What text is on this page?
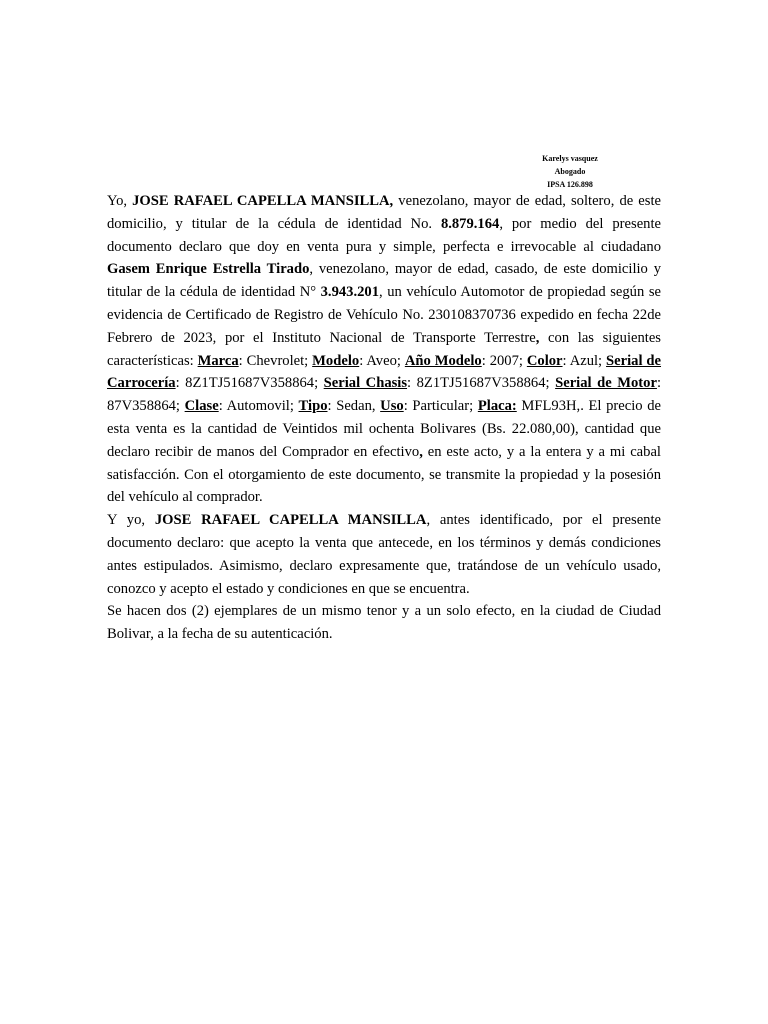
Karelys vasquez
Abogado
IPSA 126.898

Yo, JOSE RAFAEL CAPELLA MANSILLA, venezolano, mayor de edad, soltero, de este domicilio, y titular de la cédula de identidad No. 8.879.164, por medio del presente documento declaro que doy en venta pura y simple, perfecta e irrevocable al ciudadano Gasem Enrique Estrella Tirado, venezolano, mayor de edad, casado, de este domicilio y titular de la cédula de identidad N° 3.943.201, un vehículo Automotor de propiedad según se evidencia de Certificado de Registro de Vehículo No. 230108370736 expedido en fecha 22de Febrero de 2023, por el Instituto Nacional de Transporte Terrestre, con las siguientes características: Marca: Chevrolet; Modelo: Aveo; Año Modelo: 2007; Color: Azul; Serial de Carrocería: 8Z1TJ51687V358864; Serial Chasis: 8Z1TJ51687V358864; Serial de Motor: 87V358864; Clase: Automovil; Tipo: Sedan, Uso: Particular; Placa: MFL93H,. El precio de esta venta es la cantidad de Veintidos mil ochenta Bolivares (Bs. 22.080,00), cantidad que declaro recibir de manos del Comprador en efectivo, en este acto, y a la entera y a mi cabal satisfacción. Con el otorgamiento de este documento, se transmite la propiedad y la posesión del vehículo al comprador.

Y yo, JOSE RAFAEL CAPELLA MANSILLA, antes identificado, por el presente documento declaro: que acepto la venta que antecede, en los términos y demás condiciones antes estipulados. Asimismo, declaro expresamente que, tratándose de un vehículo usado, conozco y acepto el estado y condiciones en que se encuentra.

Se hacen dos (2) ejemplares de un mismo tenor y a un solo efecto, en la ciudad de Ciudad Bolivar, a la fecha de su autenticación.
